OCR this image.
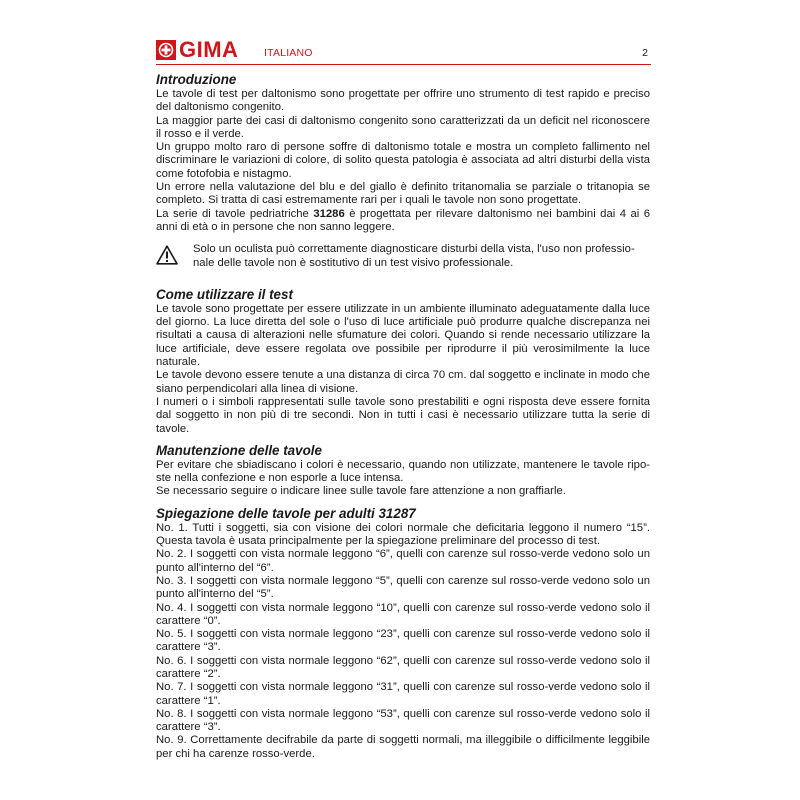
GIMA ITALIANO	2
Introduzione

Le tavole di test per daltonismo sono progettate per offrire uno strumento di test rapido e preciso del daltonismo congenito.

La maggior parte dei casi di daltonismo congenito sono caratterizzati da un deficit nel riconoscere il rosso e il verde.

Un gruppo molto raro di persone soffre di daltonismo totale e mostra un completo fallimento nel discriminare le variazioni di colore, di solito questa patologia è associata ad altri disturbi della vista come fotofobia e nistagmo.

Un errore nella valutazione del blu e del giallo è definito tritanomalia se parziale o tritanopia se completo. Si tratta di casi estremamente rari per i quali le tavole non sono progettate.

La serie di tavole pedriatriche 31286 è progettata per rilevare daltonismo nei bambini dai 4 ai 6 anni di età o in persone che non sanno leggere.

Solo un oculista può correttamente diagnosticare disturbi della vista, l'uso non professio-nale delle tavole non è sostitutivo di un test visivo professionale.

Come utilizzare il test

Le tavole sono progettate per essere utilizzate in un ambiente illuminato adeguatamente dalla luce del giorno. La luce diretta del sole o l'uso di luce artificiale può produrre qualche discrepanza nei risultati a causa di alterazioni nelle sfumature dei colori. Quando si rende necessario utilizzare la luce artificiale, deve essere regolata ove possibile per riprodurre il più verosimilmente la luce naturale.

Le tavole devono essere tenute a una distanza di circa 70 cm. dal soggetto e inclinate in modo che siano perpendicolari alla linea di visione.

I numeri o i simboli rappresentati sulle tavole sono prestabiliti e ogni risposta deve essere fornita dal soggetto in non più di tre secondi. Non in tutti i casi è necessario utilizzare tutta la serie di tavole.

Manutenzione delle tavole

Per evitare che sbiadiscano i colori è necessario, quando non utilizzate, mantenere le tavole ripo-ste nella confezione e non esporle a luce intensa.

Se necessario seguire o indicare linee sulle tavole fare attenzione a non graffiarle.

Spiegazione delle tavole per adulti 31287

No. 1. Tutti i soggetti, sia con visione dei colori normale che deficitaria leggono il numero “15”. Questa tavola è usata principalmente per la spiegazione preliminare del processo di test.

No. 2. I soggetti con vista normale leggono “6”, quelli con carenze sul rosso-verde vedono solo un punto all'interno del “6”.

No. 3. I soggetti con vista normale leggono “5”, quelli con carenze sul rosso-verde vedono solo un punto all'interno del “5”.

No. 4. I soggetti con vista normale leggono “10”, quelli con carenze sul rosso-verde vedono solo il carattere “0”.

No. 5. I soggetti con vista normale leggono “23”, quelli con carenze sul rosso-verde vedono solo il carattere “3”.

No. 6. I soggetti con vista normale leggono “62”, quelli con carenze sul rosso-verde vedono solo il carattere “2”.

No. 7. I soggetti con vista normale leggono “31”, quelli con carenze sul rosso-verde vedono solo il carattere “1”.

No. 8. I soggetti con vista normale leggono “53”, quelli con carenze sul rosso-verde vedono solo il carattere “3”.

No. 9. Correttamente decifrabile da parte di soggetti normali, ma illeggibile o difficilmente leggibile per chi ha carenze rosso-verde.
